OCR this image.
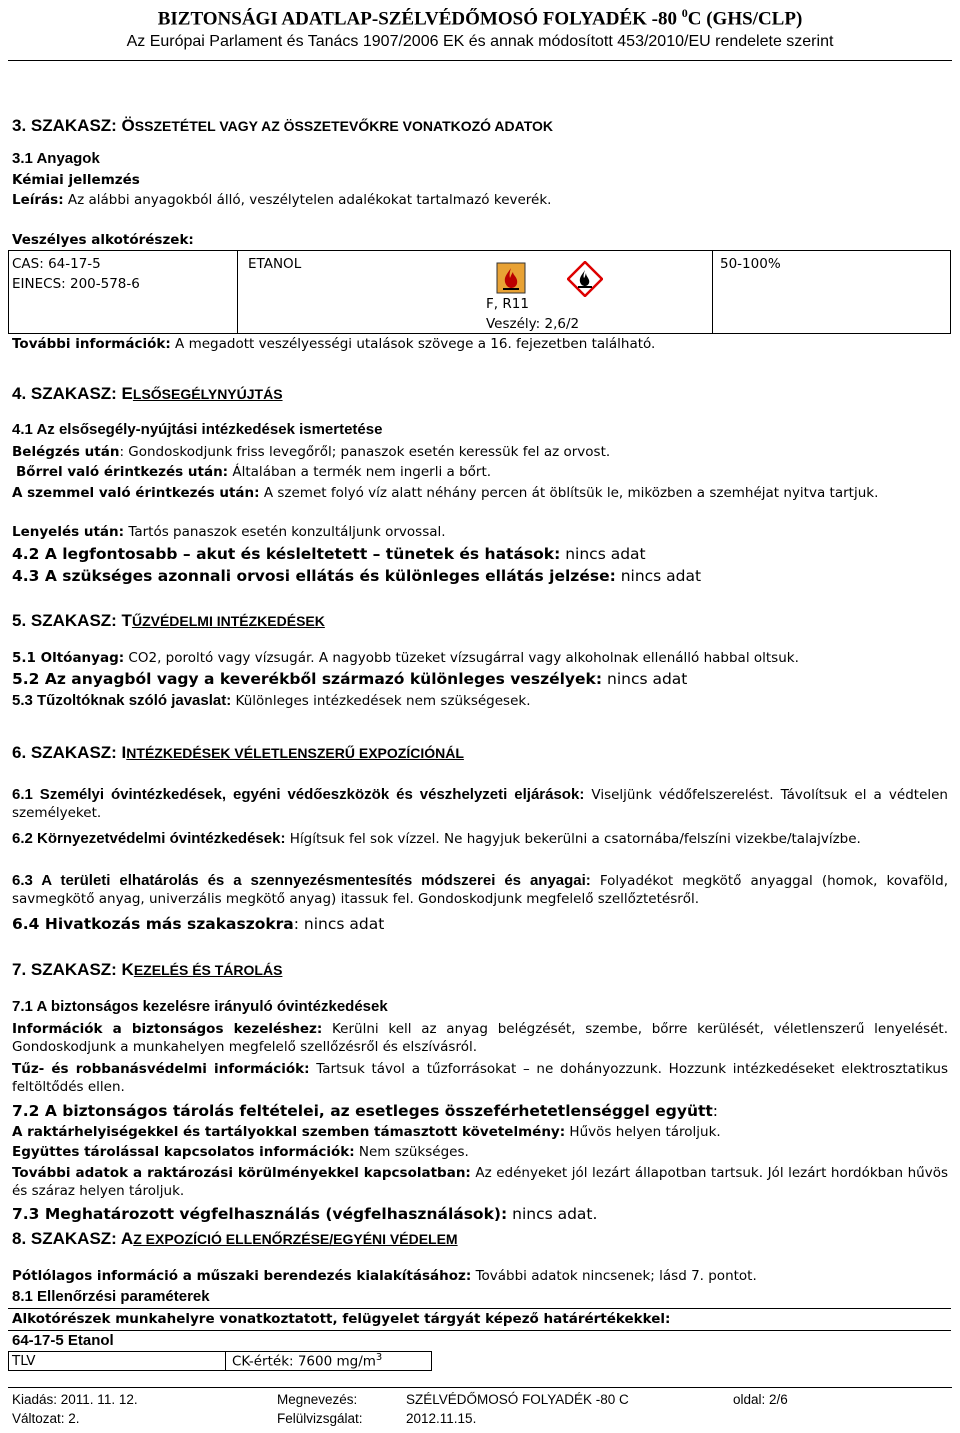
BIZTONSÁGI ADATLAP-SZÉLVÉDŐMOSÓ FOLYADÉK -80 $^0$C (GHS/CLP)
Az Európai Parlament és Tanács 1907/2006 EK és annak módosított 453/2010/EU rendelete szerint
3. SZAKASZ: ÖSSZETÉTEL VAGY AZ ÖSSZETEVŐKRE VONATKOZÓ ADATOK
3.1 Anyagok
Kémiai jellemzés
Leírás: Az alábbi anyagokból álló, veszélytelen adalékokat tartalmazó keverék.
Veszélyes alkotórészek:
CAS: 64-17-5
EINECS: 200-578-6
ETANOL	50-100%
F, R11
Veszély: 2,6/2
További információk: A megadott veszélyességi utalások szövege a 16. fejezetben található.
4. SZAKASZ: ELSŐSEGÉLYNYÚJTÁS
4.1 Az elsősegély-nyújtási intézkedések ismertetése
Belégzés után: Gondoskodjunk friss levegőről; panaszok esetén keressük fel az orvost.
Bőrrel való érintkezés után: Általában a termék nem ingerli a bőrt.
A szemmel való érintkezés után: A szemet folyó víz alatt néhány percen át öblítsük le, miközben a szemhéjat nyitva tartjuk.
Lenyelés után: Tartós panaszok esetén konzultáljunk orvossal.
4.2 A legfontosabb – akut és késleltetett – tünetek és hatások: nincs adat
4.3 A szükséges azonnali orvosi ellátás és különleges ellátás jelzése: nincs adat
5. SZAKASZ: TŰZVÉDELMI INTÉZKEDÉSEK
5.1 Oltóanyag: CO2, poroltó vagy vízsugár. A nagyobb tüzeket vízsugárral vagy alkoholnak ellenálló habbal oltsuk.
5.2 Az anyagból vagy a keverékből származó különleges veszélyek: nincs adat
5.3 Tűzoltóknak szóló javaslat: Különleges intézkedések nem szükségesek.
6. SZAKASZ: INTÉZKEDÉSEK VÉLETLENSZERŰ EXPOZÍCIÓNÁL
6.1 Személyi óvintézkedések, egyéni védőeszközök és vészhelyzeti eljárások: Viseljünk védőfelszerelést. Távolítsuk el a védtelen személyeket.
6.2 Környezetvédelmi óvintézkedések: Hígítsuk fel sok vízzel. Ne hagyjuk bekerülni a csatornába/felszíni vizekbe/talajvízbe.
6.3 A területi elhatárolás és a szennyezésmentesítés módszerei és anyagai: Folyadékot megkötő anyaggal (homok, kovaföld, savmegkötő anyag, univerzális megkötő anyag) itassuk fel. Gondoskodjunk megfelelő szellőztetésről.
6.4 Hivatkozás más szakaszokra: nincs adat
7. SZAKASZ: KEZELÉS ÉS TÁROLÁS
7.1 A biztonságos kezelésre irányuló óvintézkedések
Információk a biztonságos kezeléshez: Kerülni kell az anyag belégzését, szembe, bőrre kerülését, véletlenszerű lenyelését. Gondoskodjunk a munkahelyen megfelelő szellőzésről és elszívásról.
Tűz- és robbanásvédelmi információk: Tartsuk távol a tűzforrásokat – ne dohányozzunk. Hozzunk intézkedéseket elektrosztatikus feltöltődés ellen.
7.2 A biztonságos tárolás feltételei, az esetleges összeférhetetlenséggel együtt:
A raktárhelyiségekkel és tartályokkal szemben támasztott követelmény: Hűvös helyen tároljuk.
Együttes tárolással kapcsolatos információk: Nem szükséges.
További adatok a raktározási körülményekkel kapcsolatban: Az edényeket jól lezárt állapotban tartsuk. Jól lezárt hordókban hűvös és száraz helyen tároljuk.
7.3 Meghatározott végfelhasználás (végfelhasználások): nincs adat.
8. SZAKASZ: AZ EXPOZÍCIÓ ELLENŐRZÉSE/EGYÉNI VÉDELEM
Pótlólagos információ a műszaki berendezés kialakításához: További adatok nincsenek; lásd 7. pontot.
8.1 Ellenőrzési paraméterek
Alkotórészek munkahelyre vonatkoztatott, felügyelet tárgyát képező határértékekkel:
64-17-5 Etanol
TLV	CK-érték: 7600 $mg/m^3$
Kiadás: 2011. 11. 12.
Változat: 2.
Megnevezés:
Felülvizsgálat:
SZÉLVÉDŐMOSÓ FOLYADÉK -80 C
2012.11.15.
oldal: 2/6
